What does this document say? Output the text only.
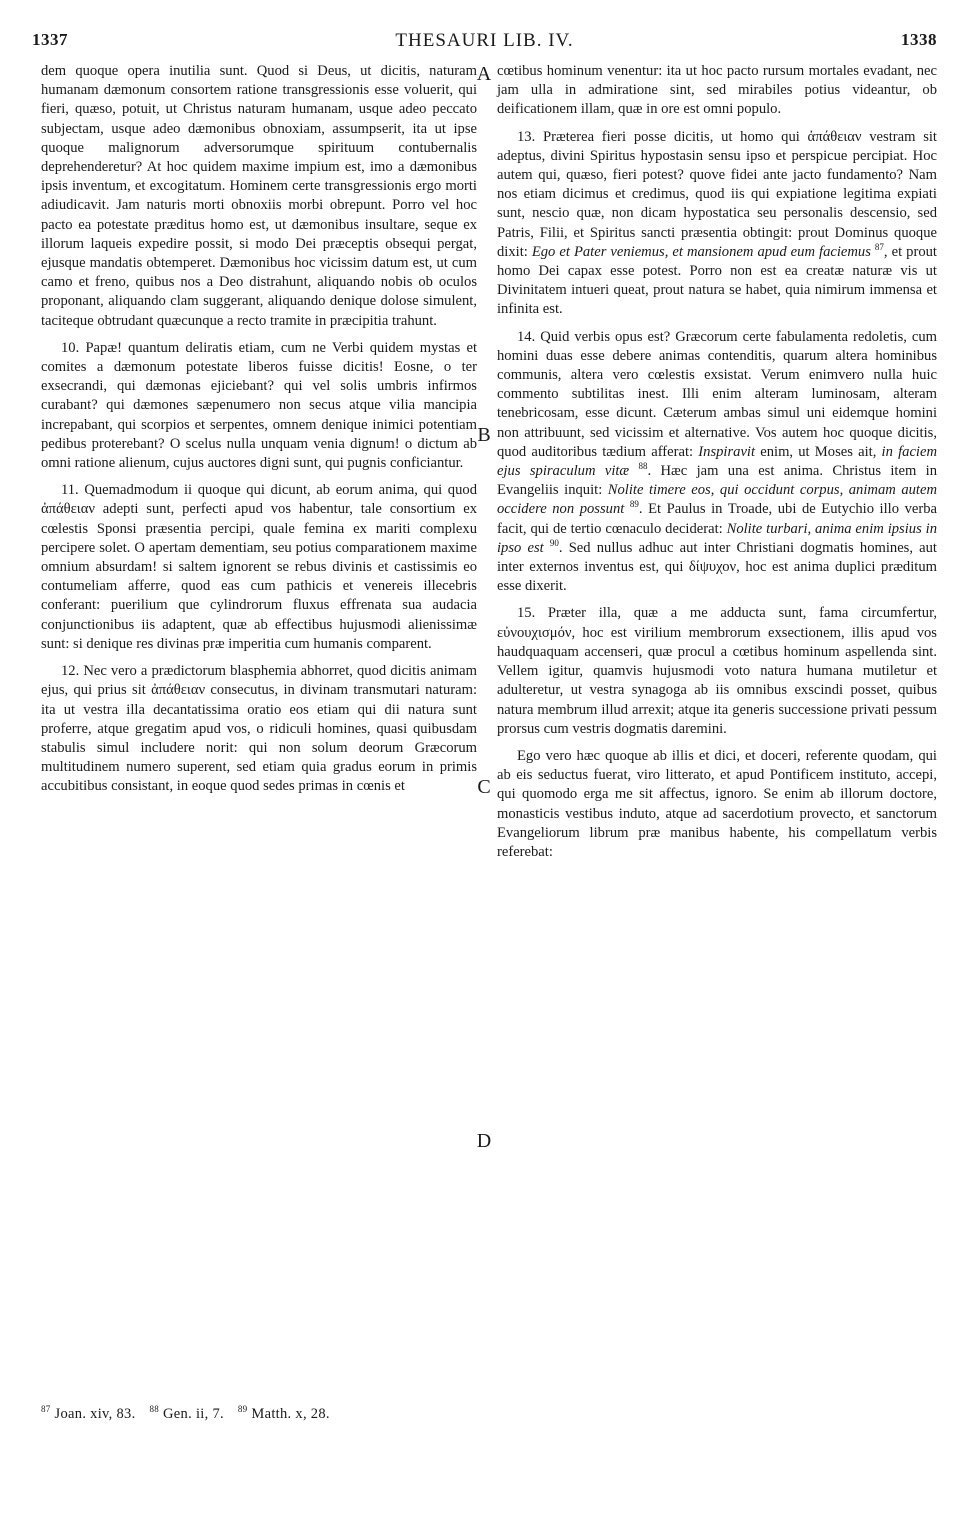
1337	THESAURI LIB. IV.	1338
A
B
C
D

dem quoque opera inutilia sunt. Quod si Deus, ut dicitis, naturam humanam dæmonum consortem ratione transgressionis esse voluerit, qui fieri, quæso, potuit, ut Christus naturam humanam, usque adeo peccato subjectam, usque adeo dæmonibus obnoxiam, assumpserit, ita ut ipse quoque malignorum adversorumque spirituum contubernalis deprehenderetur? At hoc quidem maxime impium est, imo a dæmonibus ipsis inventum, et excogitatum. Hominem certe transgressionis ergo morti adiudicavit. Jam naturis morti obnoxiis morbi obrepunt. Porro vel hoc pacto ea potestate præditus homo est, ut dæmonibus insultare, seque ex illorum laqueis expedire possit, si modo Dei præceptis obsequi pergat, ejusque mandatis obtemperet. Dæmonibus hoc vicissim datum est, ut cum camo et freno, quibus nos a Deo distrahunt, aliquando nobis ob oculos proponant, aliquando clam suggerant, aliquando denique dolose simulent, taciteque obtrudant quæcunque a recto tramite in præcipitia trahunt.

10. Papæ! quantum deliratis etiam, cum ne Verbi quidem mystas et comites a dæmonum potestate liberos fuisse dicitis! Eosne, o ter exsecrandi, qui dæmonas ejiciebant? qui vel solis umbris infirmos curabant? qui dæmones sæpenumero non secus atque vilia mancipia increpabant, qui scorpios et serpentes, omnem denique inimici potentiam pedibus proterebant? O scelus nulla unquam venia dignum! o dictum ab omni ratione alienum, cujus auctores digni sunt, qui pugnis conficiantur.

11. Quemadmodum ii quoque qui dicunt, ab eorum anima, qui quod ἀπάθειαν adepti sunt, perfecti apud vos habentur, tale consortium ex cœlestis Sponsi præsentia percipi, quale femina ex mariti complexu percipere solet. O apertam dementiam, seu potius comparationem maxime omnium absurdam! si saltem ignorent se rebus divinis et castissimis eo contumeliam afferre, quod eas cum pathicis et venereis illecebris conferant: puerilium que cylindrorum fluxus effrenata sua audacia conjunctionibus iis adaptent, quæ ab effectibus hujusmodi alienissimæ sunt: si denique res divinas præ imperitia cum humanis comparent.

12. Nec vero a prædictorum blasphemia abhorret, quod dicitis animam ejus, qui prius sit ἀπάθειαν consecutus, in divinam transmutari naturam: ita ut vestra illa decantatissima oratio eos etiam qui dii natura sunt proferre, atque gregatim apud vos, o ridiculi homines, quasi quibusdam stabulis simul includere norit: qui non solum deorum Græcorum multitudinem numero superent, sed etiam quia gradus eorum in primis accubitibus consistant, in eoque quod sedes primas in cœnis et

cœtibus hominum venentur: ita ut hoc pacto rursum mortales evadant, nec jam ulla in admiratione sint, sed mirabiles potius videantur, ob deificationem illam, quæ in ore est omni populo.

13. Præterea fieri posse dicitis, ut homo qui ἀπάθειαν vestram sit adeptus, divini Spiritus hypostasin sensu ipso et perspicue percipiat. Hoc autem qui, quæso, fieri potest? quove fidei ante jacto fundamento? Nam nos etiam dicimus et credimus, quod iis qui expiatione legitima expiati sunt, nescio quæ, non dicam hypostatica seu personalis descensio, sed Patris, Filii, et Spiritus sancti præsentia obtingit: prout Dominus quoque dixit: Ego et Pater veniemus, et mansionem apud eum faciemus $^{87}$, et prout homo Dei capax esse potest. Porro non est ea creatæ naturæ vis ut Divinitatem intueri queat, prout natura se habet, quia nimirum immensa et infinita est.

14. Quid verbis opus est? Græcorum certe fabulamenta redoletis, cum homini duas esse debere animas contenditis, quarum altera hominibus communis, altera vero cœlestis exsistat. Verum enimvero nulla huic commento subtilitas inest. Illi enim alteram luminosam, alteram tenebricosam, esse dicunt. Cæterum ambas simul uni eidemque homini non attribuunt, sed vicissim et alternative. Vos autem hoc quoque dicitis, quod auditoribus tædium afferat: Inspiravit enim, ut Moses ait, in faciem ejus spiraculum vitæ $^{88}$. Hæc jam una est anima. Christus item in Evangeliis inquit: Nolite timere eos, qui occidunt corpus, animam autem occidere non possunt $^{89}$. Et Paulus in Troade, ubi de Eutychio illo verba facit, qui de tertio cœnaculo deciderat: Nolite turbari, anima enim ipsius in ipso est $^{90}$. Sed nullus adhuc aut inter Christiani dogmatis homines, aut inter externos inventus est, qui δίψυχον, hoc est anima duplici præditum esse dixerit.

15. Præter illa, quæ a me adducta sunt, fama circumfertur, εὐνουχισμόν, hoc est virilium membrorum exsectionem, illis apud vos haudquaquam accenseri, quæ procul a cœtibus hominum aspellenda sint. Vellem igitur, quamvis hujusmodi voto natura humana mutiletur et adulteretur, ut vestra synagoga ab iis omnibus exscindi posset, quibus natura membrum illud arrexit; atque ita generis successione privati pessum prorsus cum vestris dogmatis daremini.

Ego vero hæc quoque ab illis et dici, et doceri, referente quodam, qui ab eis seductus fuerat, viro litterato, et apud Pontificem instituto, accepi, qui quomodo erga me sit affectus, ignoro. Se enim ab illorum doctore, monasticis vestibus induto, atque ad sacerdotium provecto, et sanctorum Evangeliorum librum præ manibus habente, his compellatum verbis referebat:

$^{87}$ Joan. xiv, 83. $^{88}$ Gen. ii, 7. $^{89}$ Matth. x, 28.
